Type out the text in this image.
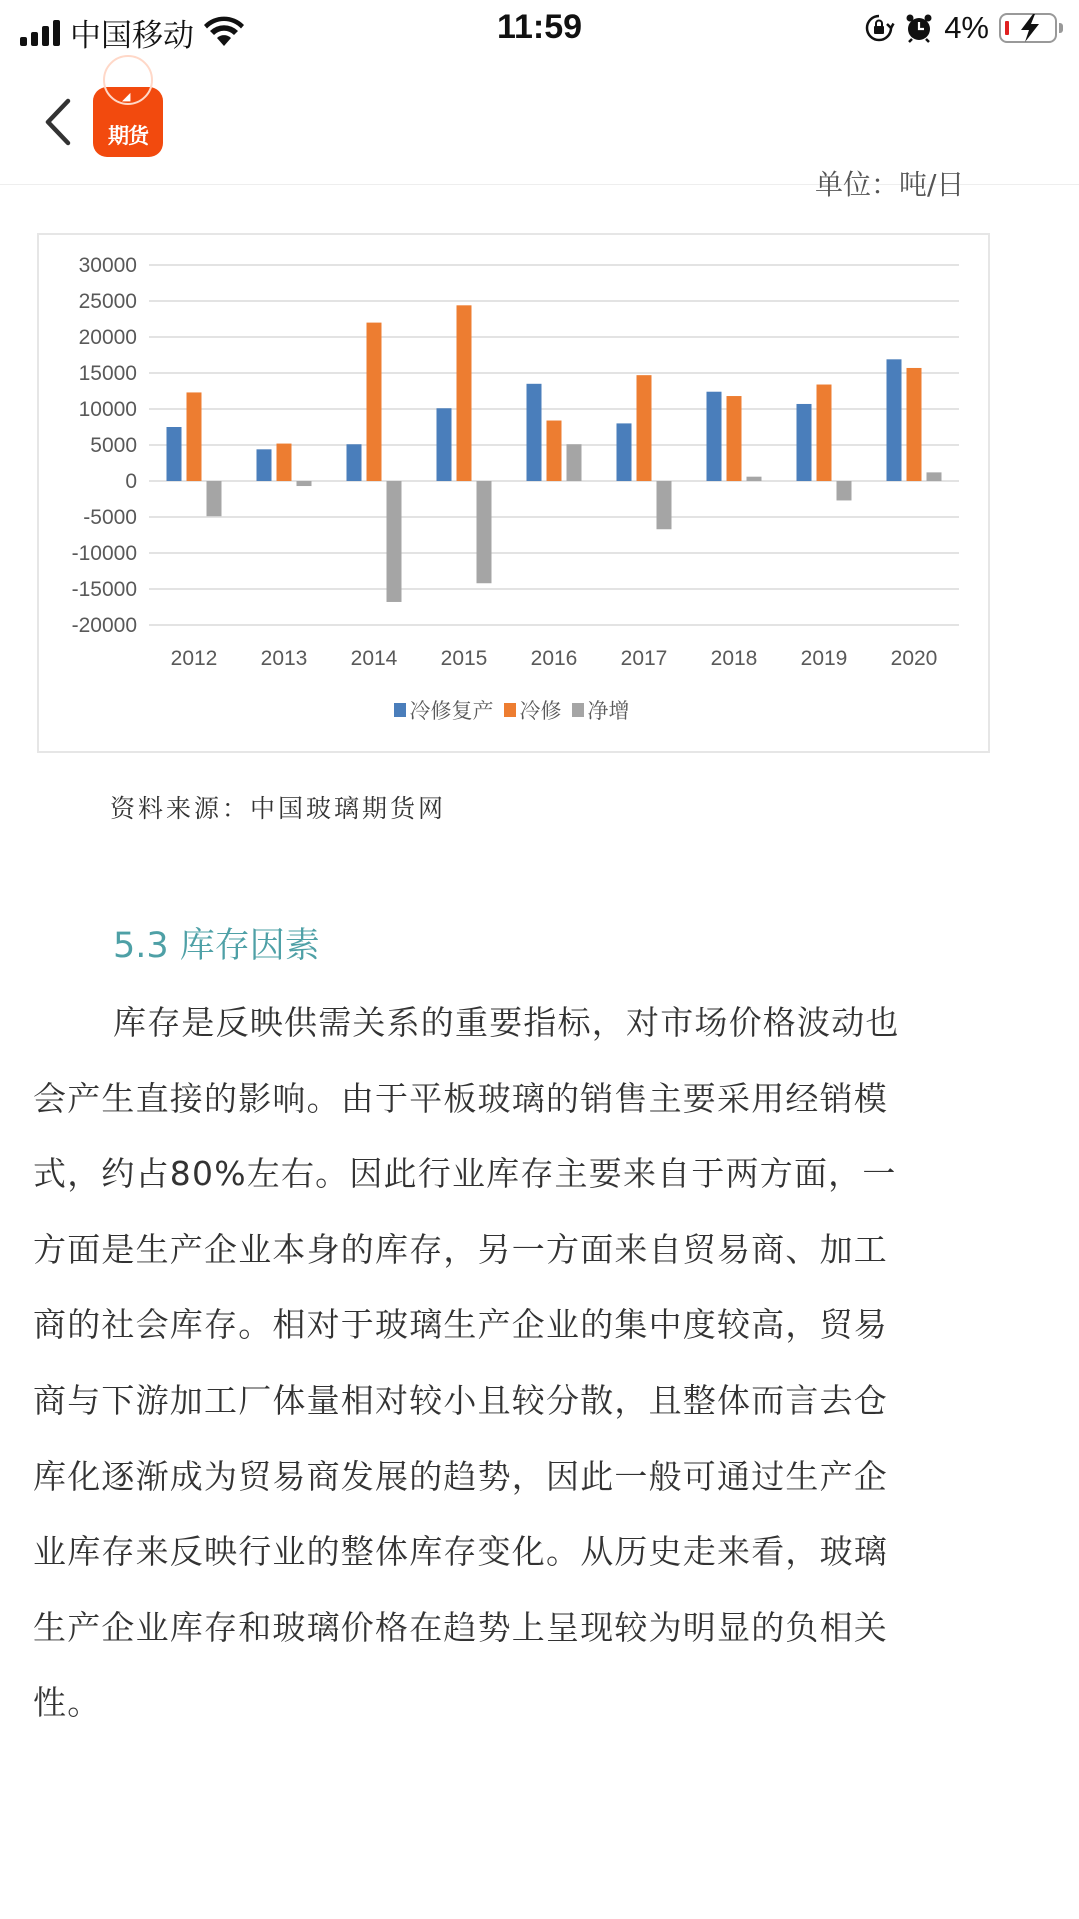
中国移动	11:59	4%
◢
期货
单位：吨/日
30000
25000
20000
15000
10000
5000
0
-5000
-10000
-15000
-20000
2012 2013 2014 2015 2016 2017 2018 2019 2020
冷修复产 冷修 净增
资料来源：中国玻璃期货网
5.3 库存因素
库存是反映供需关系的重要指标，对市场价格波动也
会产生直接的影响。由于平板玻璃的销售主要采用经销模
式，约占80%左右。因此行业库存主要来自于两方面，一
方面是生产企业本身的库存，另一方面来自贸易商、加工
商的社会库存。相对于玻璃生产企业的集中度较高，贸易
商与下游加工厂体量相对较小且较分散，且整体而言去仓
库化逐渐成为贸易商发展的趋势，因此一般可通过生产企
业库存来反映行业的整体库存变化。从历史走来看，玻璃
生产企业库存和玻璃价格在趋势上呈现较为明显的负相关
性。
